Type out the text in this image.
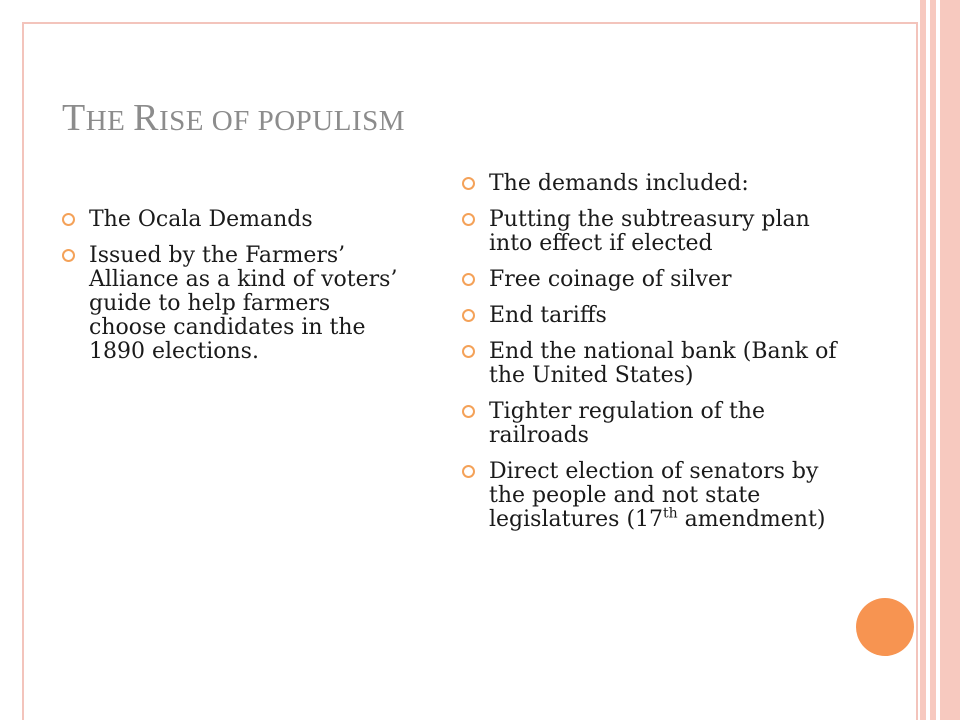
THE RISE OF POPULISM
The Ocala Demands
Issued by the Farmers’ Alliance as a kind of voters’ guide to help farmers choose candidates in the 1890 elections.
The demands included:
Putting the subtreasury plan into effect if elected
Free coinage of silver
End tariffs
End the national bank (Bank of the United States)
Tighter regulation of the railroads
Direct election of senators by the people and not state legislatures (17th amendment)
